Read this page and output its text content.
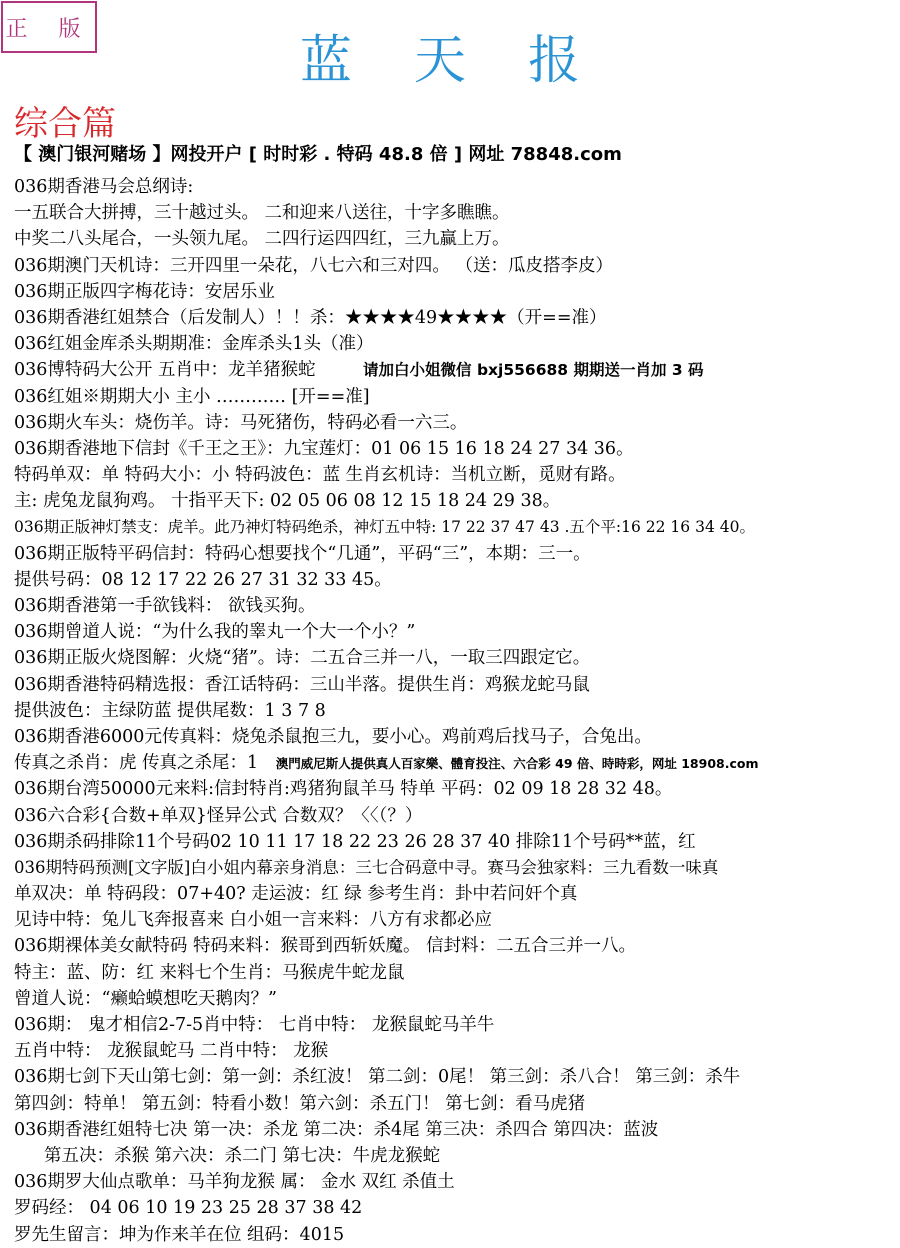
正 版
蓝天报
综合篇
【 澳门银河赌场 】网投开户 [ 时时彩 . 特码 48.8 倍 ] 网址 78848.com
036期香港马会总纲诗:
一五联合大拼搏，三十越过头。 二和迎来八送往，十字多瞧瞧。
中奖二八头尾合，一头领九尾。 二四行运四四红，三九赢上万。
036期澳门天机诗：三开四里一朵花，八七六和三对四。 （送：瓜皮搭李皮）
036期正版四字梅花诗：安居乐业
036期香港红姐禁合（后发制人）！！杀：★★★★49★★★★（开==准）
036红姐金库杀头期期准：金库杀头1头（准）
036博特码大公开 五肖中：龙羊猪猴蛇	请加白小姐微信 bxj556688 期期送一肖加 3 码
036红姐※期期大小 主小 ………… [开==准]
036期火车头：烧伤羊。诗：马死猪伤，特码必看一六三。
036期香港地下信封《千王之王》：九宝莲灯：01 06 15 16 18 24 27 34 36。
特码单双：单 特码大小：小 特码波色：蓝 生肖玄机诗：当机立断，觅财有路。
主: 虎兔龙鼠狗鸡。 十指平天下: 02 05 06 08 12 15 18 24 29 38。
036期正版神灯禁支：虎羊。此乃神灯特码绝杀，神灯五中特: 17 22 37 47 43 .五个平:16 22 16 34 40。
036期正版特平码信封：特码心想要找个“几通”，平码“三”，本期：三一。
提供号码：08 12 17 22 26 27 31 32 33 45。
036期香港第一手欲钱料： 欲钱买狗。
036期曾道人说：“为什么我的睾丸一个大一个小？”
036期正版火烧图解：火烧“猪”。诗：二五合三并一八，一取三四跟定它。
036期香港特码精选报：香江话特码：三山半落。提供生肖：鸡猴龙蛇马鼠
提供波色：主绿防蓝 提供尾数：1 3 7 8
036期香港6000元传真料：烧兔杀鼠抱三九，要小心。鸡前鸡后找马子，合兔出。
传真之杀肖：虎 传真之杀尾：1 澳門威尼斯人提供真人百家樂、體育投注、六合彩 49 倍、時時彩，网址 18908.com
036期台湾50000元来料:信封特肖:鸡猪狗鼠羊马 特单 平码：02 09 18 28 32 48。
036六合彩{合数+单双}怪异公式 合数双？〈〈（？）
036期杀码排除11个号码02 10 11 17 18 22 23 26 28 37 40 排除11个号码**蓝，红
036期特码预测[文字版]白小姐内幕亲身消息：三七合码意中寻。赛马会独家料：三九看数一味真
单双决：单 特码段：07+40? 走运波：红 绿 参考生肖：卦中若问奸个真
见诗中特：兔儿飞奔报喜来 白小姐一言来料：八方有求都必应
036期裸体美女献特码 特码来料：猴哥到西斩妖魔。 信封料：二五合三并一八。
特主：蓝、防：红 来料七个生肖：马猴虎牛蛇龙鼠
曾道人说：“癞蛤蟆想吃天鹅肉？”
036期： 鬼才相信2-7-5肖中特： 七肖中特： 龙猴鼠蛇马羊牛
五肖中特： 龙猴鼠蛇马 二肖中特： 龙猴
036期七剑下天山第七剑：第一剑：杀红波！ 第二剑：0尾！ 第三剑：杀八合！ 第三剑：杀牛
第四剑：特单！ 第五剑：特看小数！第六剑：杀五门！ 第七剑：看马虎猪
036期香港红姐特七决 第一决：杀龙 第二决：杀4尾 第三决：杀四合 第四决：蓝波
第五决：杀猴 第六决：杀二门 第七决：牛虎龙猴蛇
036期罗大仙点歌单：马羊狗龙猴 属： 金水 双红 杀值土
罗码经： 04 06 10 19 23 25 28 37 38 42
罗先生留言：坤为作来羊在位 组码：4015
